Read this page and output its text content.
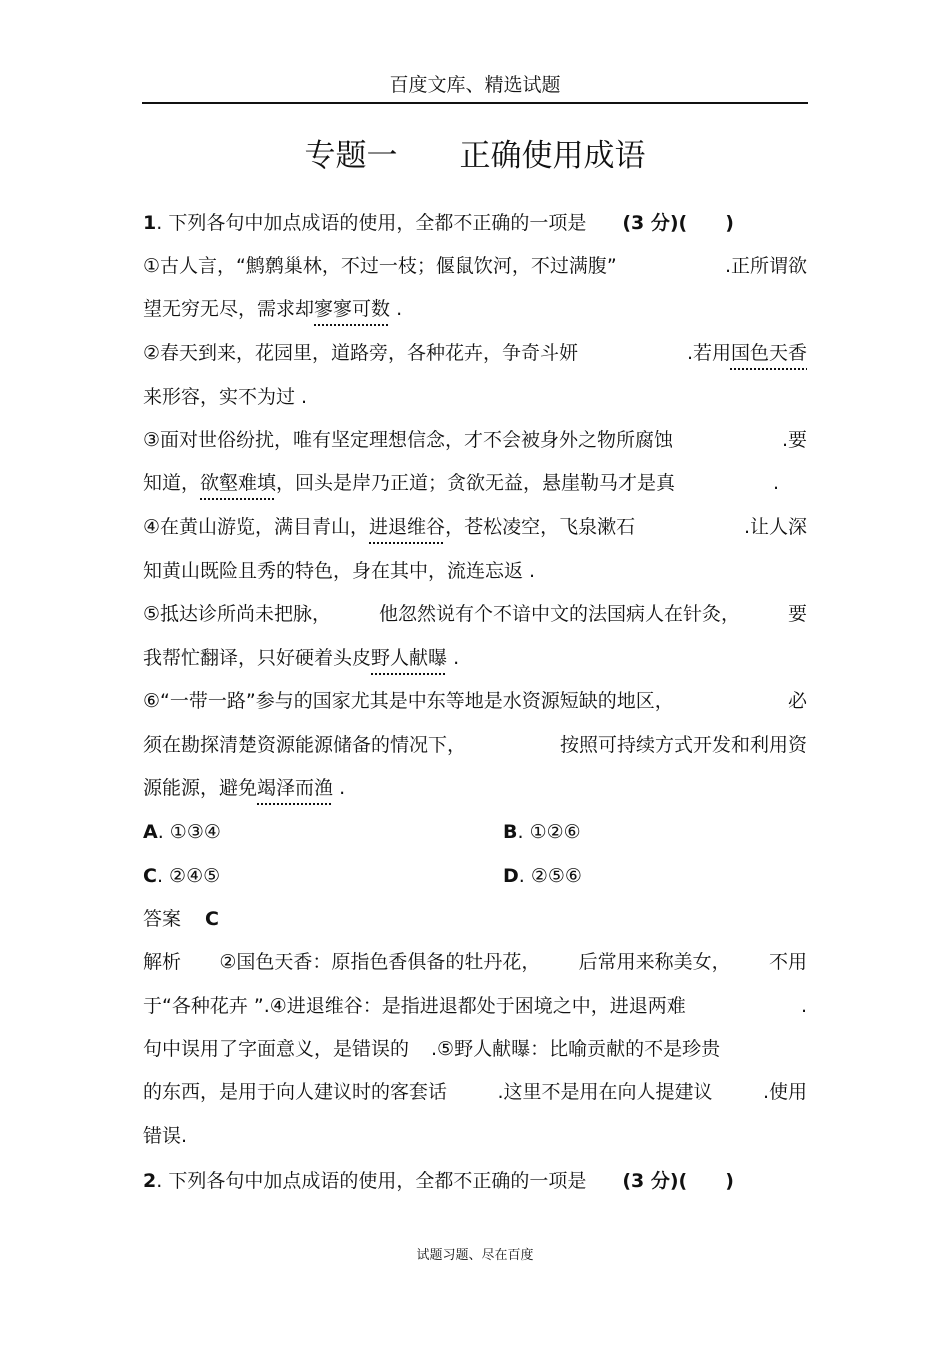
百度文库、精选试题
专题一　　正确使用成语
1. 下列各句中加点成语的使用，全都不正确的一项是 (3 分)(　　)
①古人言，“鹪鹩巢林，不过一枝；偃鼠饮河，不过满腹”	.正所谓欲
望无穷无尽，需求却寥寥可数 .
②春天到来，花园里，道路旁，各种花卉，争奇斗妍	.若用国色天香
来形容，实不为过 .
③面对世俗纷扰，唯有坚定理想信念，才不会被身外之物所腐蚀	.要
知道，欲壑难填，回头是岸乃正道；贪欲无益，悬崖勒马才是真	.
④在黄山游览，满目青山，进退维谷，苍松凌空，飞泉漱石	.让人深
知黄山既险且秀的特色，身在其中，流连忘返 .
⑤抵达诊所尚未把脉，	他忽然说有个不谙中文的法国病人在针灸，	要
我帮忙翻译，只好硬着头皮野人献曝 .
⑥“一带一路”参与的国家尤其是中东等地是水资源短缺的地区，	必
须在勘探清楚资源能源储备的情况下，	按照可持续方式开发和利用资
源能源，避免竭泽而渔 .
A. ①③④	B. ①②⑥
C. ②④⑤	D. ②⑤⑥
答案 C
解析 ②国色天香：原指色香俱备的牡丹花， 后常用来称美女， 不用
于“各种花卉 ”.④进退维谷：是指进退都处于困境之中，进退两难	.
句中误用了字面意义，是错误的 .⑤野人献曝：比喻贡献的不是珍贵
的东西，是用于向人建议时的客套话	.这里不是用在向人提建议	.使用
错误.
2. 下列各句中加点成语的使用，全都不正确的一项是 (3 分)(　　)
试题习题、尽在百度
